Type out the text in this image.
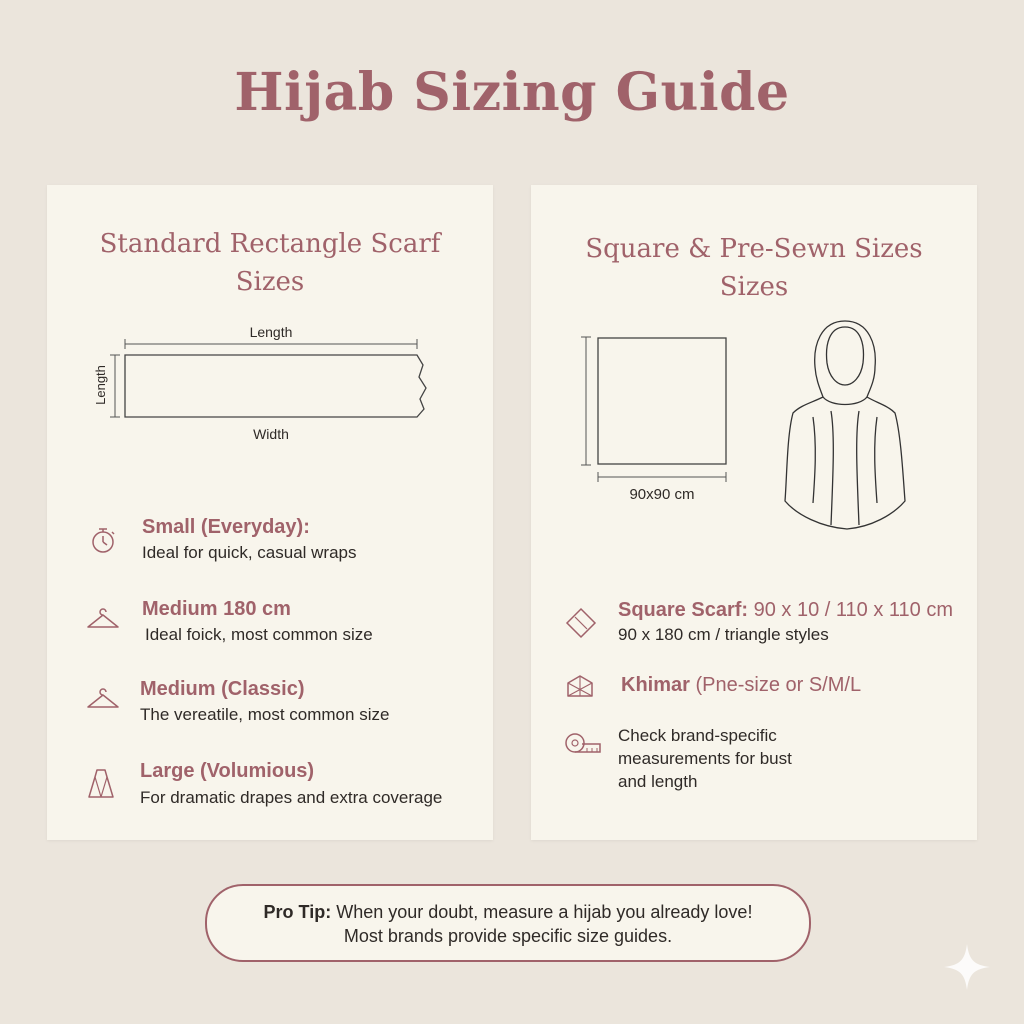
Hijab Sizing Guide
Standard Rectangle Scarf Sizes
Length
Length
Width
Small (Everyday):
Ideal for quick, casual wraps
Medium 180 cm
Ideal foick, most common size
Medium (Classic)
The vereatile, most common size
Large (Volumious)
For dramatic drapes and extra coverage
Square & Pre-Sewn Sizes
Sizes
90x90 cm
Square Scarf: 90 x 10 / 110 x 110 cm
90 x 180 cm / triangle styles
Khimar (Pne-size or S/M/L
Check brand-specific
measurements for bust
and length
Pro Tip: When your doubt, measure a hijab you already love!
Most brands provide specific size guides.
